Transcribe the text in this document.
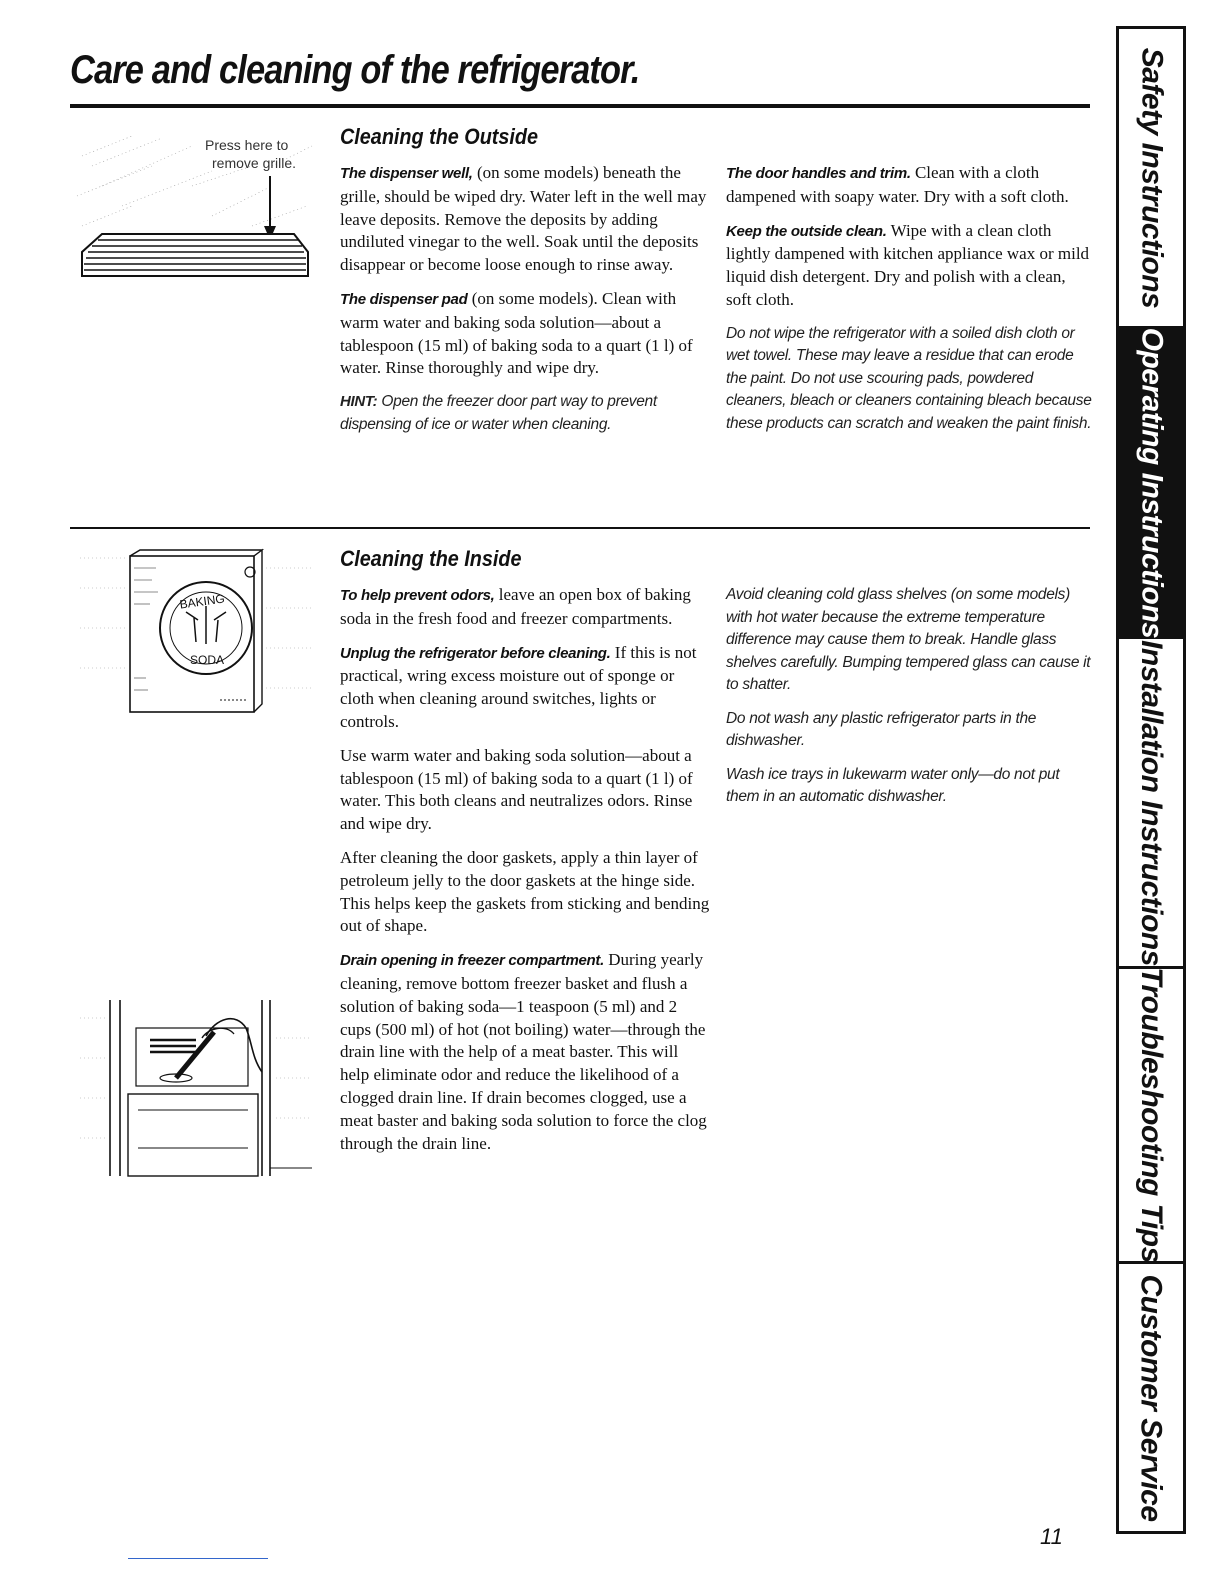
Care and cleaning of the refrigerator.
Press here to
remove grille.
Cleaning the Outside

The dispenser well, (on some models) beneath the grille, should be wiped dry. Water left in the well may leave deposits. Remove the deposits by adding undiluted vinegar to the well. Soak until the deposits disappear or become loose enough to rinse away.

The dispenser pad (on some models). Clean with warm water and baking soda solution—about a tablespoon (15 ml) of baking soda to a quart (1 l) of water. Rinse thoroughly and wipe dry.

HINT: Open the freezer door part way to prevent dispensing of ice or water when cleaning.

The door handles and trim. Clean with a cloth dampened with soapy water. Dry with a soft cloth.

Keep the outside clean. Wipe with a clean cloth lightly dampened with kitchen appliance wax or mild liquid dish detergent. Dry and polish with a clean, soft cloth.

Do not wipe the refrigerator with a soiled dish cloth or wet towel. These may leave a residue that can erode the paint. Do not use scouring pads, powdered cleaners, bleach or cleaners containing bleach because these products can scratch and weaken the paint finish.

BAKING
SODA
Cleaning the Inside

To help prevent odors, leave an open box of baking soda in the fresh food and freezer compartments.

Unplug the refrigerator before cleaning. If this is not practical, wring excess moisture out of sponge or cloth when cleaning around switches, lights or controls.

Use warm water and baking soda solution—about a tablespoon (15 ml) of baking soda to a quart (1 l) of water. This both cleans and neutralizes odors. Rinse and wipe dry.

After cleaning the door gaskets, apply a thin layer of petroleum jelly to the door gaskets at the hinge side. This helps keep the gaskets from sticking and bending out of shape.

Drain opening in freezer compartment. During yearly cleaning, remove bottom freezer basket and flush a solution of baking soda—1 teaspoon (5 ml) and 2 cups (500 ml) of hot (not boiling) water—through the drain line with the help of a meat baster. This will help eliminate odor and reduce the likelihood of a clogged drain line. If drain becomes clogged, use a meat baster and baking soda solution to force the clog through the drain line.

Avoid cleaning cold glass shelves (on some models) with hot water because the extreme temperature difference may cause them to break. Handle glass shelves carefully. Bumping tempered glass can cause it to shatter.

Do not wash any plastic refrigerator parts in the dishwasher.

Wash ice trays in lukewarm water only—do not put them in an automatic dishwasher.

Safety Instructions
Operating Instructions
Installation Instructions
Troubleshooting Tips
Customer Service
11
